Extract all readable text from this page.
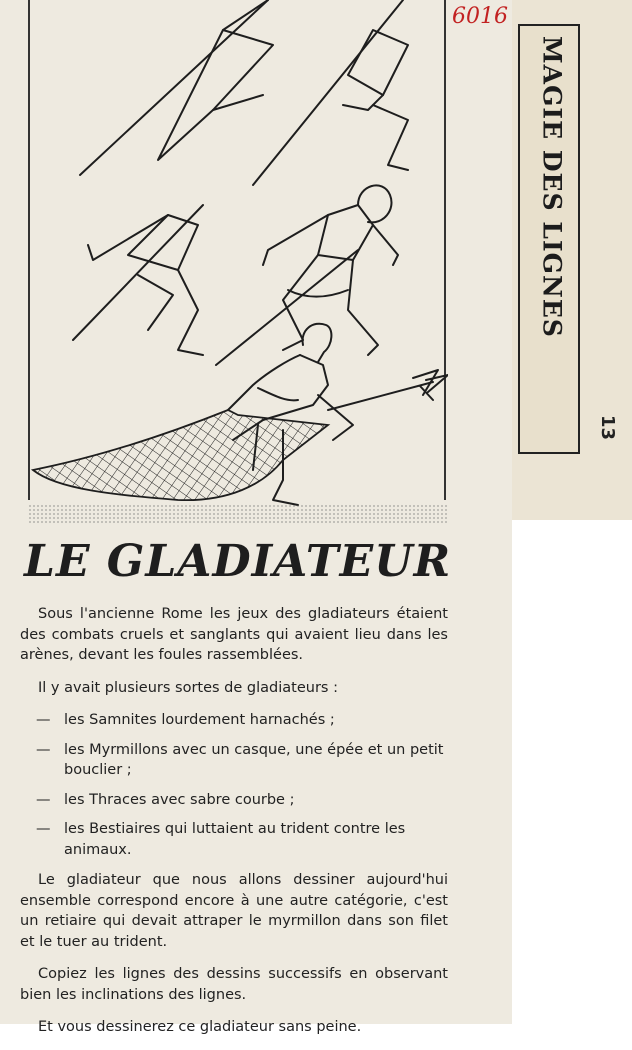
MAGIE DES LIGNES
13
6016
LE GLADIATEUR

Sous l'ancienne Rome les jeux des gladiateurs étaient des combats cruels et sanglants qui avaient lieu dans les arènes, devant les foules rassemblées.

Il y avait plusieurs sortes de gladiateurs :

— les Samnites lourdement harnachés ;
— les Myrmillons avec un casque, une épée et un petit bouclier ;
— les Thraces avec sabre courbe ;
— les Bestiaires qui luttaient au trident contre les animaux.

Le gladiateur que nous allons dessiner aujourd'hui ensemble correspond encore à une autre catégorie, c'est un retiaire qui devait attraper le myrmillon dans son filet et le tuer au trident.

Copiez les lignes des dessins successifs en observant bien les inclinations des lignes.

Et vous dessinerez ce gladiateur sans peine.
